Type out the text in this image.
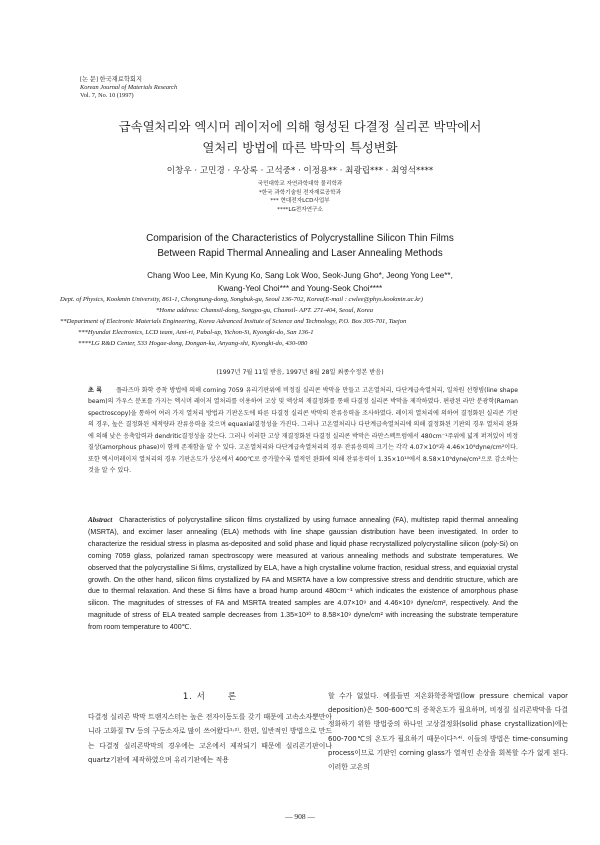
[논 문] 한국재료학회지
Korean Journal of Materials Research
Vol. 7, No. 10 (1997)
급속열처리와 엑시머 레이저에 의해 형성된 다결정 실리콘 박막에서
열처리 방법에 따른 박막의 특성변화
이창우 · 고민경 · 우상록 · 고석중* · 이정용** · 최광립*** · 최영석****
국민대학교 자연과학대학 물리학과
*한국 과학기술원 전자재료공학과
*** 현대전자LCD사업부
****LG전자연구소
Comparision of the Characteristics of Polycrystalline Silicon Thin Films
Between Rapid Thermal Annealing and Laser Annealing Methods
Chang Woo Lee, Min Kyung Ko, Sang Lok Woo, Seok-Jung Gho*, Jeong Yong Lee**,
Kwang-Yeol Choi*** and Young-Seok Choi****
Dept. of Physics, Kookmin University, 861-1, Chongnung-dong, Songbuk-gu, Seoul 136-702, Korea(E-mail : cwlee@phys.kookmin.ac.kr)
*Home address: Chamsil-dong, Songpa-gu, Chamsil- APT. 271-404, Seoul, Korea
**Department of Electronic Materials Engineering, Korea Advanced Insitute of Science and Technology, P.O. Box 305-701, Taejon
***Hyundai Electronics, LCD team, Ami-ri, Pubal-up, Yichon-Si, Kyongki-do, San 136-1
****LG R&D Center, 533 Hogae-dong, Dongan-ku, Anyang-shi, Kyongki-do, 430-080
(1997년 7월 11일 받음, 1997년 8월 28일 최종수정본 받음)
초 록 플라즈마 화학 증착 방법에 의해 corning 7059 유리기판위에 비정질 실리콘 박막을 만들고 고온열처리, 다단계급속열처리, 일차원 선형빔(line shape beam)의 가우스 분포를 가지는 엑시머 레이저 열처리를 이용하여 고상 및 액상의 재결정화를 통해 다결정 실리콘 박막을 제작하였다. 편광된 라만 분광학(Raman spectroscopy)을 통하여 여러 가지 열처리 방법과 기판온도에 따른 다결정 실리콘 박막의 잔류응력을 조사하였다. 레이저 열처리에 의하여 결정화된 실리콘 기판의 경우, 높은 결정화된 체적량과 잔류응력을 갖으며 equaxial결정성을 가진다. 그러나 고온열처리나 다단계급속열처리에 의해 결정화된 기판의 경우 열처리 완화에 의해 낮은 응축압력과 dendritic결정성을 갖는다. 그러나 이러한 고상 재결정화된 다결정 실리콘 박막은 라만스펙트럼에서 480cm⁻¹주위에 넓게 퍼져있어 비정질상(amorphous phase)이 함께 존재함을 알 수 있다. 고온열처리와 다단계급속열처리의 경우 잔류응력의 크기는 각각 4.07×10⁹과 4.46×10⁹dyne/cm²이다. 또한 엑시머레이저 열처리의 경우 기판온도가 상온에서 400℃로 증가할수록 열적인 완화에 의해 잔류응력이 1.35×10¹⁰에서 8.58×10⁹dyne/cm²으로 감소하는 것을 알 수 있다.
Abstract Characteristics of polycrystalline silicon films crystallized by using furnace annealing (FA), multistep rapid thermal annealing (MSRTA), and excimer laser annealing (ELA) methods with line shape gaussian distribution have been investigated. In order to characterize the residual stress in plasma as-deposited and solid phase and liquid phase recrystallized polycrystalline silicon (poly-Si) on corning 7059 glass, polarized raman spectroscopy were measured at various annealing methods and substrate temperatures. We observed that the polycrystalline Si films, crystallized by ELA, have a high crystalline volume fraction, residual stress, and equiaxial crystal growth. On the other hand, silicon films crystallized by FA and MSRTA have a low compressive stress and dendritic structure, which are due to thermal relaxation. And these Si films have a broad hump around 480cm⁻¹ which indicates the existence of amorphous phase silicon. The magnitudes of stresses of FA and MSRTA treated samples are 4.07×10⁹ and 4.46×10⁹ dyne/cm², respectively. And the magnitude of stress of ELA treated sample decreases from 1.35×10¹⁰ to 8.58×10⁹ dyne/cm² with increasing the substrate temperature from room temperature to 400℃.
1. 서	론
다결정 실리콘 박막 트랜지스터는 높은 전자이동도를 갖기 때문에 고속소자뿐만아니라 고화질 TV 등의 구동소자로 많이 쓰여왔다¹˒²⁾. 한편, 일반적인 방법으로 만드는 다결정 실리콘박막의 경우에는 고온에서 제작되기 때문에 실리콘기판이나 quartz기판에 제작하였으며 유리기판에는 적용
할 수가 없었다. 예를들면 저온화학증착법(low pressure chemical vapor deposition)은 500-600℃의 증착온도가 필요하며, 비정질 실리콘박막을 다결정화하기 위한 방법중의 하나인 고상결정화(solid phase crystallization)에는 600-700℃의 온도가 필요하기 때문이다³˒⁴⁾. 이들의 방법은 time-consuming process이므로 기판인 corning glass가 열적인 손상을 회복할 수가 없게 된다. 이러한 고온의
— 908 —
